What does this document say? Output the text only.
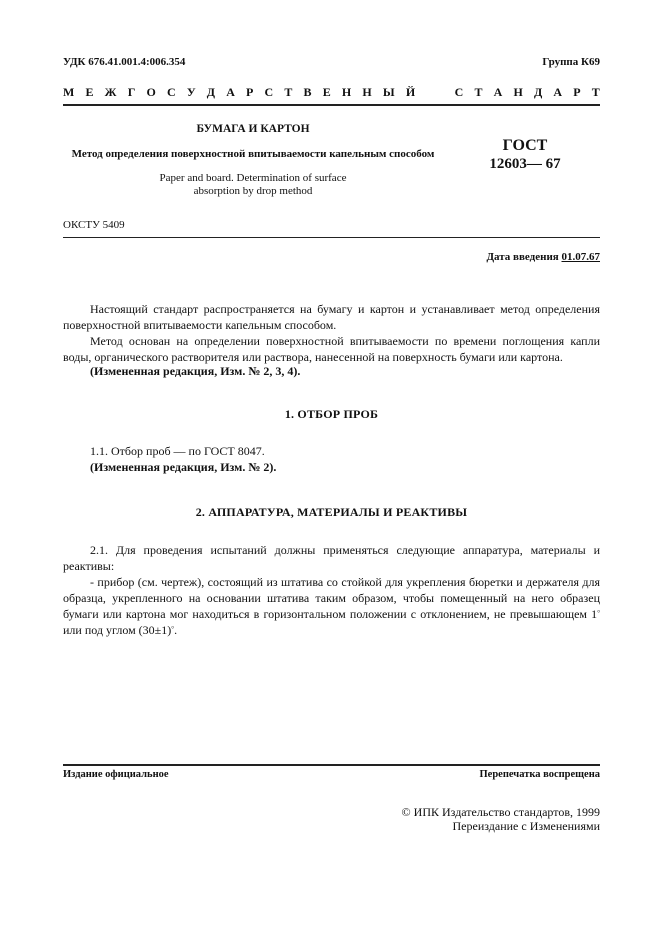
УДК 676.41.001.4:006.354	Группа К69
М Е Ж Г О С У Д А Р С Т В Е Н Н Ы Й

	С Т А Н Д А Р Т
БУМАГА И КАРТОН
Метод определения поверхностной впитываемости капельным способом
Paper and board. Determination of surface
absorption by drop method
ГОСТ
12603— 67
ОКСТУ 5409
Дата введения 01.07.67
Настоящий стандарт распространяется на бумагу и картон и устанавливает метод определения поверхностной впитываемости капельным способом.
Метод основан на определении поверхностной впитываемости по времени поглощения капли воды, органического растворителя или раствора, нанесенной на поверхность бумаги или картона.
(Измененная редакция, Изм. № 2, 3, 4).
1. ОТБОР ПРОБ
1.1. Отбор проб — по ГОСТ 8047.
(Измененная редакция, Изм. № 2).
2. АППАРАТУРА, МАТЕРИАЛЫ И РЕАКТИВЫ
2.1. Для проведения испытаний должны применяться следующие аппаратура, материалы и реактивы:
- прибор (см. чертеж), состоящий из штатива со стойкой для укрепления бюретки и держателя для образца, укрепленного на основании штатива таким образом, чтобы помещенный на него образец бумаги или картона мог находиться в горизонтальном положении с отклонением, не превышающем 1° или под углом (30±1)°.
Издание официальное	Перепечатка воспрещена
© ИПК Издательство стандартов, 1999
Переиздание с Изменениями
